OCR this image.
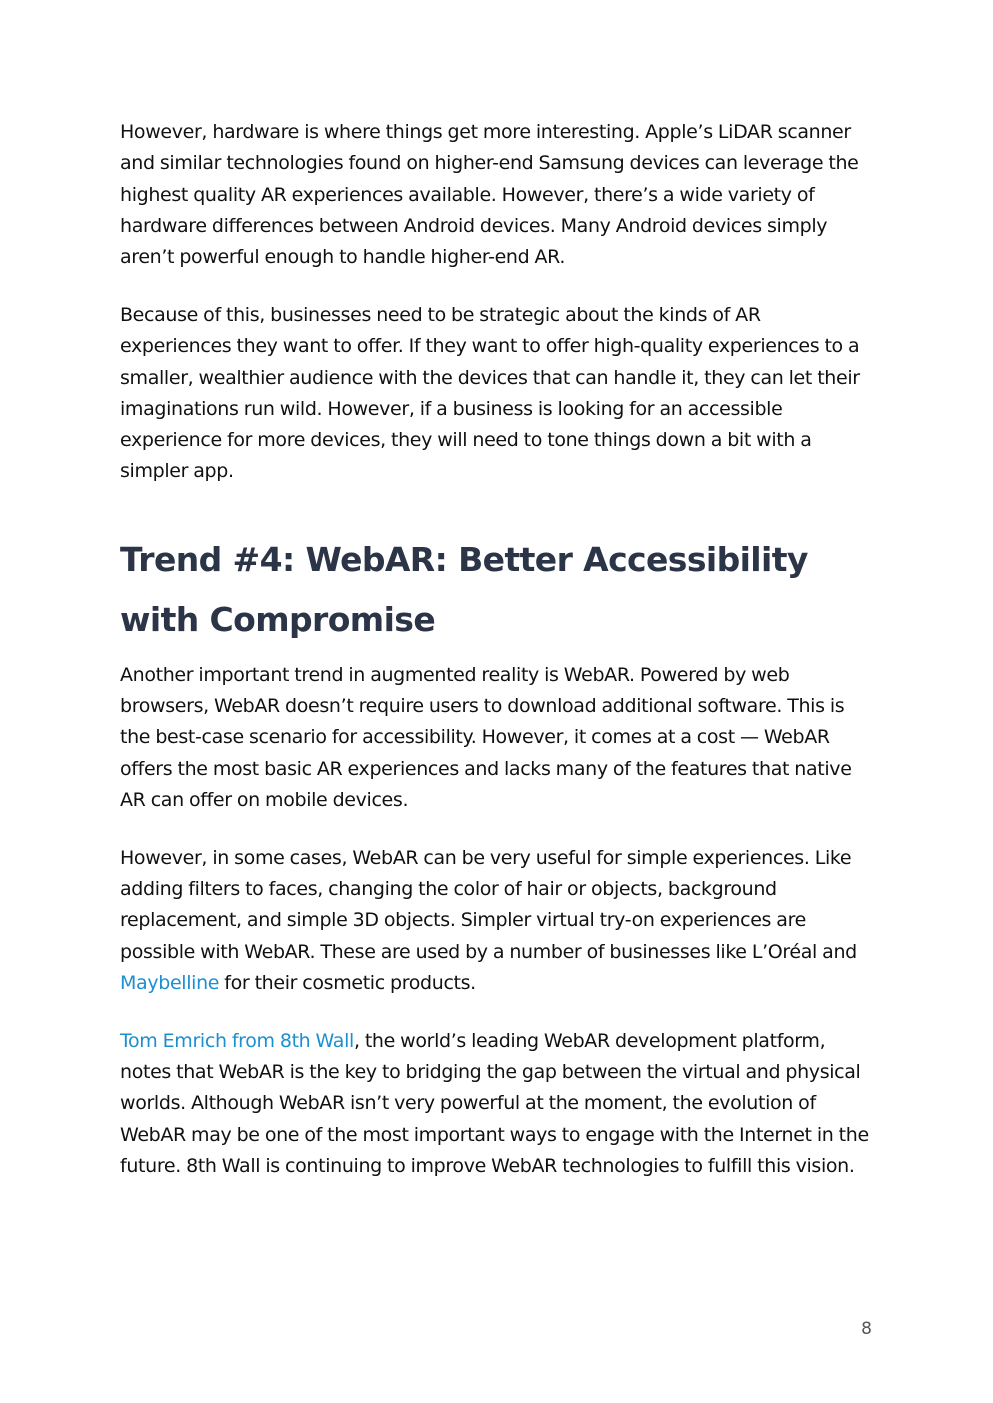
However, hardware is where things get more interesting. Apple’s LiDAR scanner and similar technologies found on higher-end Samsung devices can leverage the highest quality AR experiences available. However, there’s a wide variety of hardware differences between Android devices. Many Android devices simply aren’t powerful enough to handle higher-end AR.

Because of this, businesses need to be strategic about the kinds of AR experiences they want to offer. If they want to offer high-quality experiences to a smaller, wealthier audience with the devices that can handle it, they can let their imaginations run wild. However, if a business is looking for an accessible experience for more devices, they will need to tone things down a bit with a simpler app.

Trend #4: WebAR: Better Accessibility with Compromise

Another important trend in augmented reality is WebAR. Powered by web browsers, WebAR doesn’t require users to download additional software. This is the best-case scenario for accessibility. However, it comes at a cost — WebAR offers the most basic AR experiences and lacks many of the features that native AR can offer on mobile devices.

However, in some cases, WebAR can be very useful for simple experiences. Like adding filters to faces, changing the color of hair or objects, background replacement, and simple 3D objects. Simpler virtual try-on experiences are possible with WebAR. These are used by a number of businesses like L’Oréal and Maybelline for their cosmetic products.

Tom Emrich from 8th Wall, the world’s leading WebAR development platform, notes that WebAR is the key to bridging the gap between the virtual and physical worlds. Although WebAR isn’t very powerful at the moment, the evolution of WebAR may be one of the most important ways to engage with the Internet in the future. 8th Wall is continuing to improve WebAR technologies to fulfill this vision.

8
